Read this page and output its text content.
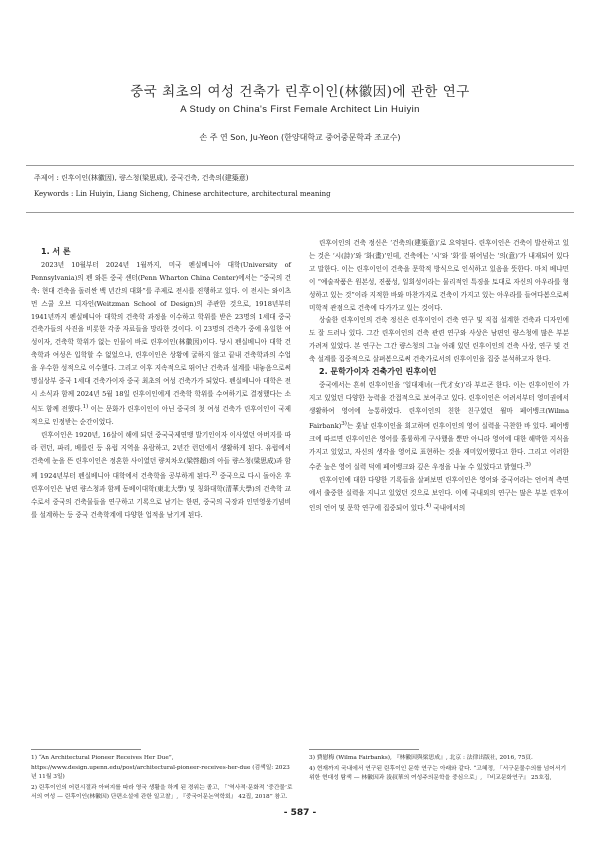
중국 최초의 여성 건축가 린후이인(林徽因)에 관한 연구
A Study on China's First Female Architect Lin Huiyin
손 주 연 Son, Ju-Yeon (한양대학교 중어중문학과 조교수)
주제어 : 린후이인(林徽因), 량스청(梁思成), 중국건축, 건축의(建築意)
Keywords : Lin Huiyin, Liang Sicheng, Chinese architecture, architectural meaning

1. 서 론

2023년 10월부터 2024년 1월까지, 미국 펜실베니아 대학(University of Pennsylvania)의 펜 와튼 중국 센터(Penn Wharton China Center)에서는 “중국의 건축: 현대 건축을 돌러싼 백 년간의 대화”를 주제로 전시를 진행하고 있다. 이 전시는 와이츠먼 스쿨 오브 디자인(Weitzman School of Design)의 주관한 것으로, 1918년부터 1941년까지 펜실베니아 대학의 건축학 과정을 이수하고 학위를 받은 23명의 1세대 중국 건축가들의 사진을 비롯한 각종 자료들을 망라한 것이다. 이 23명의 건축가 중에 유일한 여성이자, 건축학 학위가 없는 인물이 바로 린후이인(林徽因)이다. 당시 펜실베니아 대학 건축학과 여성은 입학할 수 없었으나, 린후이인은 상황에 굴하지 않고 끝내 건축학과의 수업을 우수한 성적으로 이수했다. 그리고 이후 지속적으로 뛰어난 건축과 설계를 내놓음으로써 명실상부 중국 1세대 건축가이자 중국 최초의 여성 건축가가 되었다. 펜실베니아 대학은 전시 소식과 함께 2024년 5월 18일 린후이인에게 건축학 학위를 수여하기로 결정했다는 소식도 함께 전했다.$^{1)}$ 이는 문화가 린후이인이 아닌 중국의 첫 여성 건축가 린후이인이 국제적으로 인정받는 순간이었다.

린후이인은 1920년, 16살이 해에 되던 중국국제연맹 발기인이자 이사였던 아버지를 따라 런던, 파리, 베를린 등 유럽 지역을 유람하고, 2년간 런던에서 생활하게 된다. 유럽에서 건축에 눈을 뜬 린후이인은 정혼한 사이였던 량치차오(梁啓超)의 아들 량스청(梁思成)과 함께 1924년부터 펜실베니아 대학에서 건축학을 공부하게 된다.$^{2)}$ 중국으로 다시 돌아온 후 린후이인은 남편 량스청과 함께 동베이대학(東北大學) 및 칭화대학(清華大學)의 건축학 교수로서 중국의 건축물들을 연구하고 기록으로 남기는 한편, 중국의 국장과 인민영웅기념비를 설계하는 등 중국 건축학계에 다양한 업적을 남기게 된다.

린후이인의 건축 정신은 ‘건축의(建築意)’로 요약된다. 린후이인은 건축이 발산하고 있는 것은 ‘시(詩)’와 ‘화(畫)’인데, 건축에는 ‘시’와 ‘화’를 뛰어넘는 ‘의(意)’가 내재되어 있다고 말한다. 이는 린후이인이 건축을 문학적 방식으로 인식하고 있음을 뜻한다. 마치 베냐민이 “예술작품은 원본성, 진품성, 일회성이라는 물리적인 특징을 토대로 자신의 아우라를 형성하고 있는 것”이라 지적한 바와 마찬가지로 건축이 가지고 있는 아우라를 들여다봄으로써 미학적 관점으로 건축에 다가가고 있는 것이다.

상술한 린후이인의 건축 정신은 린후이인이 건축 연구 및 직접 설계한 건축과 디자인에도 잘 드러나 있다. 그간 린후이인의 건축 관련 연구와 사상은 남편인 량스청에 많은 부분 가려져 있었다. 본 연구는 그간 량스청의 그늘 아래 있던 린후이인의 건축 사상, 연구 및 건축 설계를 집중적으로 살펴봄으로써 건축가로서의 린후이인을 집중 분석하고자 한다.

2. 문학가이자 건축가인 린후이인

중국에서는 흔히 린후이인을 ‘일대재녀(一代才女)’라 부르곤 한다. 이는 린후이인이 가지고 있었던 다양한 능력을 간접적으로 보여주고 있다. 린후이인은 어려서부터 영미권에서 생활하여 영어에 능통하였다. 린후이인의 친한 친구였던 윌마 페어뱅크(Wilma Fairbank)$^{3)}$는 훗날 린후이인을 회고하며 린후이인의 영어 실력을 극찬한 바 있다. 페어뱅크에 따르면 린후이인은 영어를 훌륭하게 구사했을 뿐만 아니라 영어에 대한 해박한 지식을 가지고 있었고, 자신의 생각을 영어로 표현하는 것을 재미있어했다고 한다. 그리고 이러한 수준 높은 영어 실력 덕에 페어뱅크와 깊은 우정을 나눌 수 있었다고 밝혔다.$^{3)}$

린후이인에 대한 다양한 기록들을 살펴보면 린후이인은 영어와 중국어라는 언어적 측면에서 출중한 실력을 지니고 있었던 것으로 보인다. 이에 국내외의 연구는 많은 부분 린후이인의 언어 및 문학 연구에 집중되어 있다.$^{4)}$ 국내에서의

1) “An Architectural Pioneer Receives Her Due”, https://www.design.upenn.edu/post/architectural-pioneer-receives-her-due (검색일: 2023년 11월 3일)

2) 린후이인의 어린시절과 아버지를 따라 영국 생활을 하게 된 경위는 졸고, 「‘역사적·문화적 ‘중간물’로서의 여성 — 린후이인(林徽因) 단편소설에 관한 일고찰」, 『중국어문논역학회』 42집, 2018” 참고.

3) 費慰梅 (Wilma Fairbanks), 『林徽因與梁思成』, 北京 : 法律出版社, 2016, 75頁.

4) 현재까지 국내에서 연구된 린후이인 문학 연구는 아래와 같다. “고혜정, 「서구문물수의를 넘어서기 위한 현대성 탐색 — 林徽因과 淩叔華의 여성주의문학을 중심으로」, 『비교문화연구』 25호집,

- 587 -
